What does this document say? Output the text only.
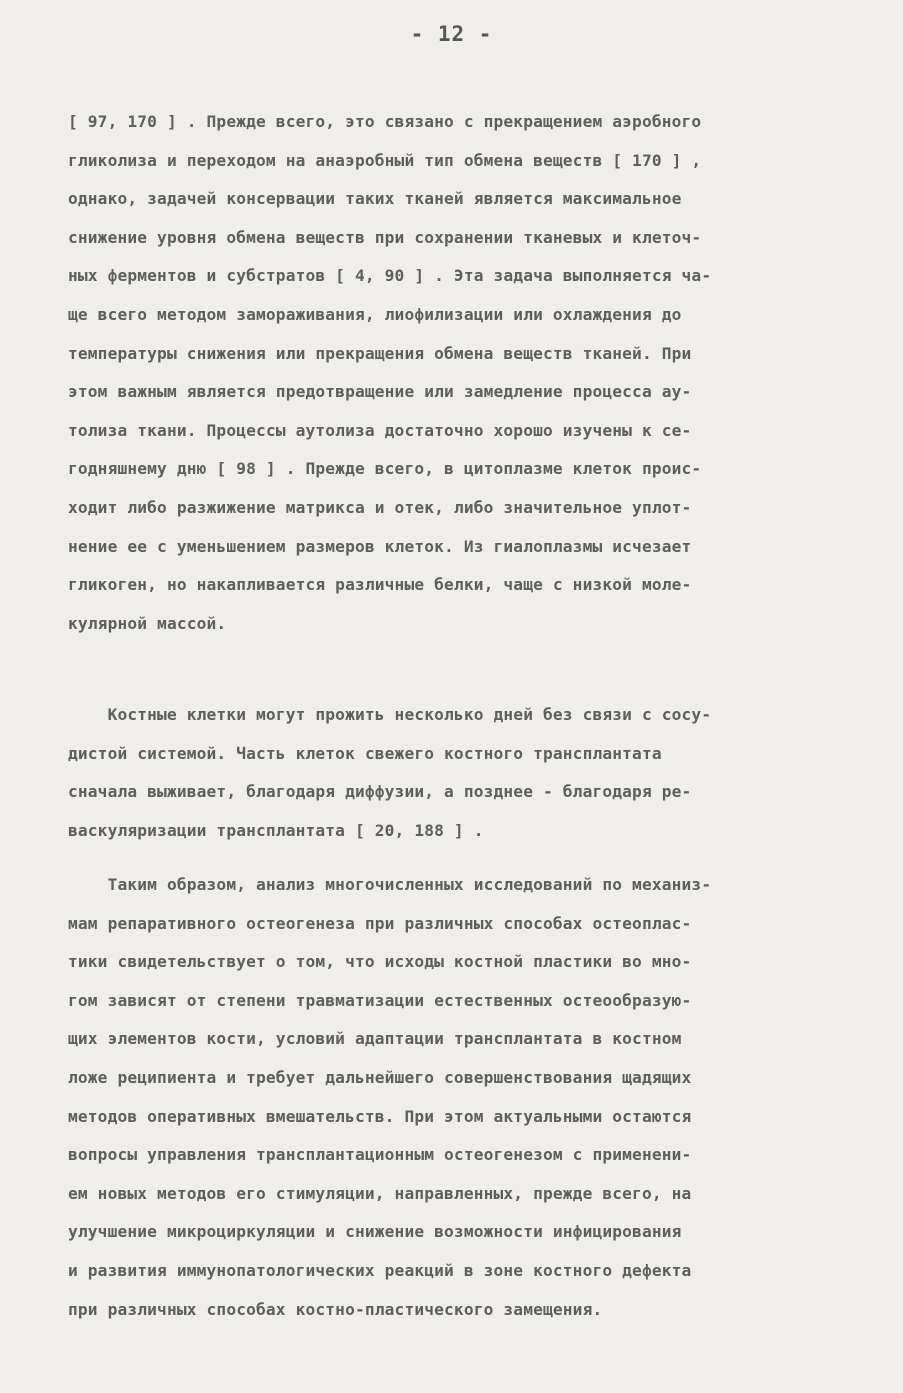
- 12 -
[ 97, 170 ] . Прежде всего, это связано с прекращением аэробного
гликолиза и переходом на анаэробный тип обмена веществ [ 170 ] ,
однако, задачей консервации таких тканей является максимальное
снижение уровня обмена веществ при сохранении тканевых и клеточ-
ных ферментов и субстратов [ 4, 90 ] . Эта задача выполняется ча-
ще всего методом замораживания, лиофилизации или охлаждения до
температуры снижения или прекращения обмена веществ тканей. При
этом важным является предотвращение или замедление процесса ау-
толиза ткани. Процессы аутолиза достаточно хорошо изучены к се-
годняшнему дню [ 98 ] . Прежде всего, в цитоплазме клеток проис-
ходит либо разжижение матрикса и отек, либо значительное уплот-
нение ее с уменьшением размеров клеток. Из гиалоплазмы исчезает
гликоген, но накапливается различные белки, чаще с низкой моле-
кулярной массой.
Костные клетки могут прожить несколько дней без связи с сосу-
дистой системой. Часть клеток свежего костного трансплантата
сначала выживает, благодаря диффузии, а позднее - благодаря ре-
васкуляризации трансплантата [ 20, 188 ] .
Таким образом, анализ многочисленных исследований по механиз-
мам репаративного остеогенеза при различных способах остеоплас-
тики свидетельствует о том, что исходы костной пластики во мно-
гом зависят от степени травматизации естественных остеообразую-
щих элементов кости, условий адаптации трансплантата в костном
ложе реципиента и требует дальнейшего совершенствования щадящих
методов оперативных вмешательств. При этом актуальными остаются
вопросы управления трансплантационным остеогенезом с применени-
ем новых методов его стимуляции, направленных, прежде всего, на
улучшение микроциркуляции и снижение возможности инфицирования
и развития иммунопатологических реакций в зоне костного дефекта
при различных способах костно-пластического замещения.
